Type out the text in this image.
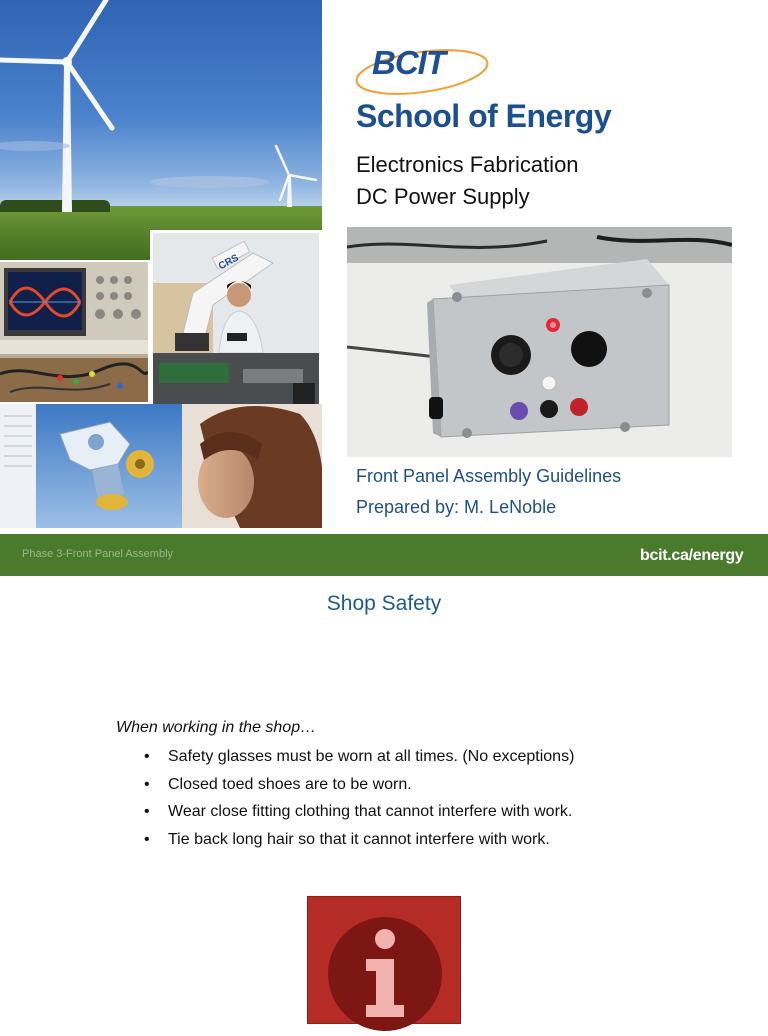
CRS
BCIT
School of Energy
Electronics Fabrication
DC Power Supply
Front Panel Assembly Guidelines
Prepared by: M. LeNoble
Phase 3-Front Panel Assembly	bcit.ca/energy
Shop Safety
When working in the shop…
• Safety glasses must be worn at all times. (No exceptions)
• Closed toed shoes are to be worn.
• Wear close fitting clothing that cannot interfere with work.
• Tie back long hair so that it cannot interfere with work.
